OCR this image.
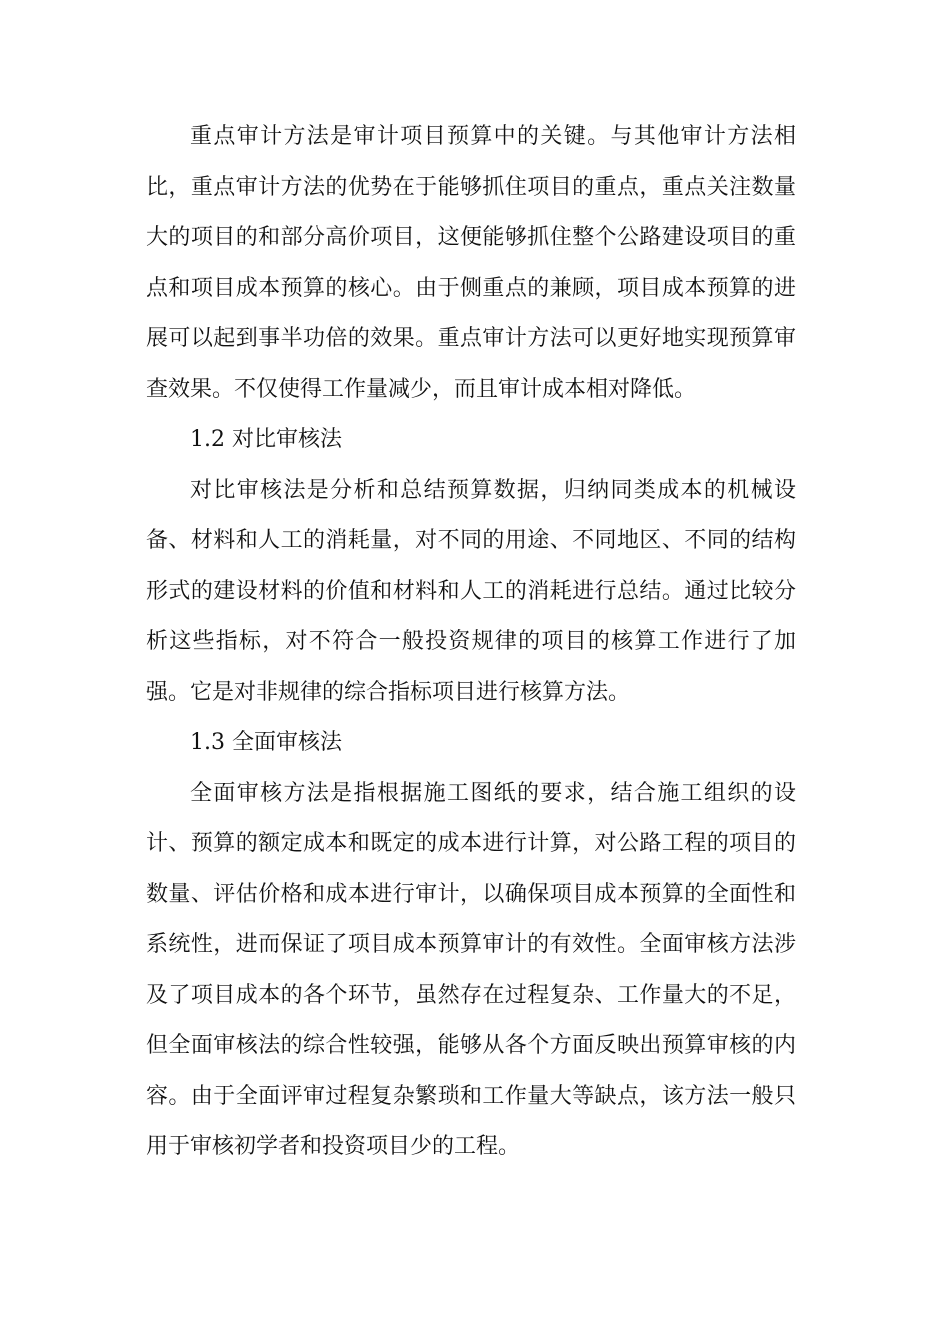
重点审计方法是审计项目预算中的关键。与其他审计方法相比，重点审计方法的优势在于能够抓住项目的重点，重点关注数量大的项目的和部分高价项目，这便能够抓住整个公路建设项目的重点和项目成本预算的核心。由于侧重点的兼顾，项目成本预算的进展可以起到事半功倍的效果。重点审计方法可以更好地实现预算审查效果。不仅使得工作量减少，而且审计成本相对降低。

1.2 对比审核法

对比审核法是分析和总结预算数据，归纳同类成本的机械设备、材料和人工的消耗量，对不同的用途、不同地区、不同的结构形式的建设材料的价值和材料和人工的消耗进行总结。通过比较分析这些指标，对不符合一般投资规律的项目的核算工作进行了加强。它是对非规律的综合指标项目进行核算方法。

1.3 全面审核法

全面审核方法是指根据施工图纸的要求，结合施工组织的设计、预算的额定成本和既定的成本进行计算，对公路工程的项目的数量、评估价格和成本进行审计，以确保项目成本预算的全面性和系统性，进而保证了项目成本预算审计的有效性。全面审核方法涉及了项目成本的各个环节，虽然存在过程复杂、工作量大的不足，但全面审核法的综合性较强，能够从各个方面反映出预算审核的内容。由于全面评审过程复杂繁琐和工作量大等缺点，该方法一般只用于审核初学者和投资项目少的工程。
